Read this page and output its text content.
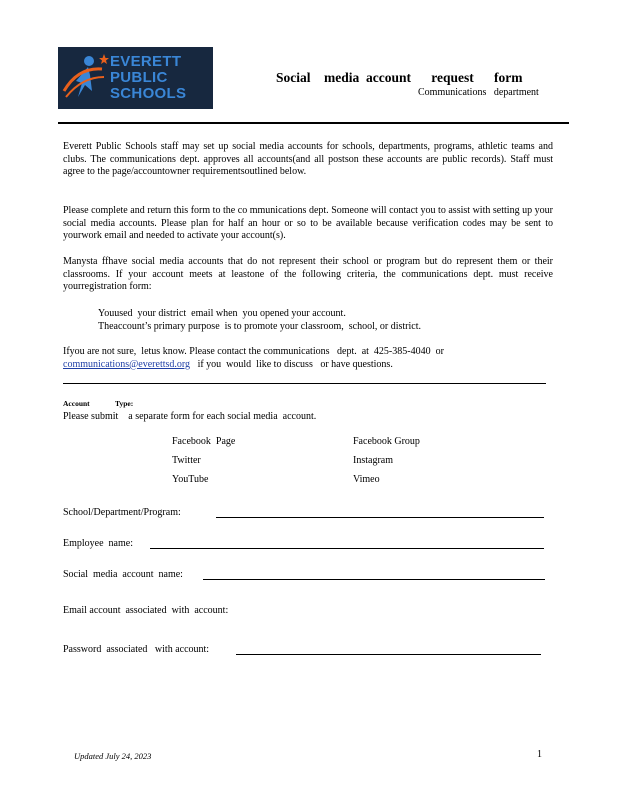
EVERETT
PUBLIC
SCHOOLS
Social    media  account      request      form
Communications   department
Everett Public Schools staff may set up social media accounts for schools, departments, programs, athletic teams and clubs. The communications dept. approves all accounts(and all postson these accounts are public records). Staff must agree to the page/accountowner requirementsoutlined below.
Please complete and return this form to the co mmunications dept. Someone will contact you to assist with setting up your social media accounts. Please plan for half an hour or so to be available because verification codes may be sent to yourwork email and needed to activate your account(s).
Manysta ffhave social media accounts that do not represent their school or program but do represent them or their classrooms. If your account meets at leastone of the following criteria, the communications dept. must receive yourregistration form:
Youused  your district  email when  you opened your account.
Theaccount’s primary purpose  is to promote your classroom,  school, or district.
Ifyou are not sure,  letus know. Please contact the communications   dept.  at  425-385-4040  or
communications@everettsd.org   if you  would  like to discuss   or have questions.
Account	Type:
Please submit    a separate form for each social media  account.
Facebook  Page	Facebook Group
Twitter	Instagram
YouTube	Vimeo
School/Department/Program:
Employee  name:
Social  media  account  name:
Email account  associated  with  account:
Password  associated   with account:
Updated July 24, 2023	1
